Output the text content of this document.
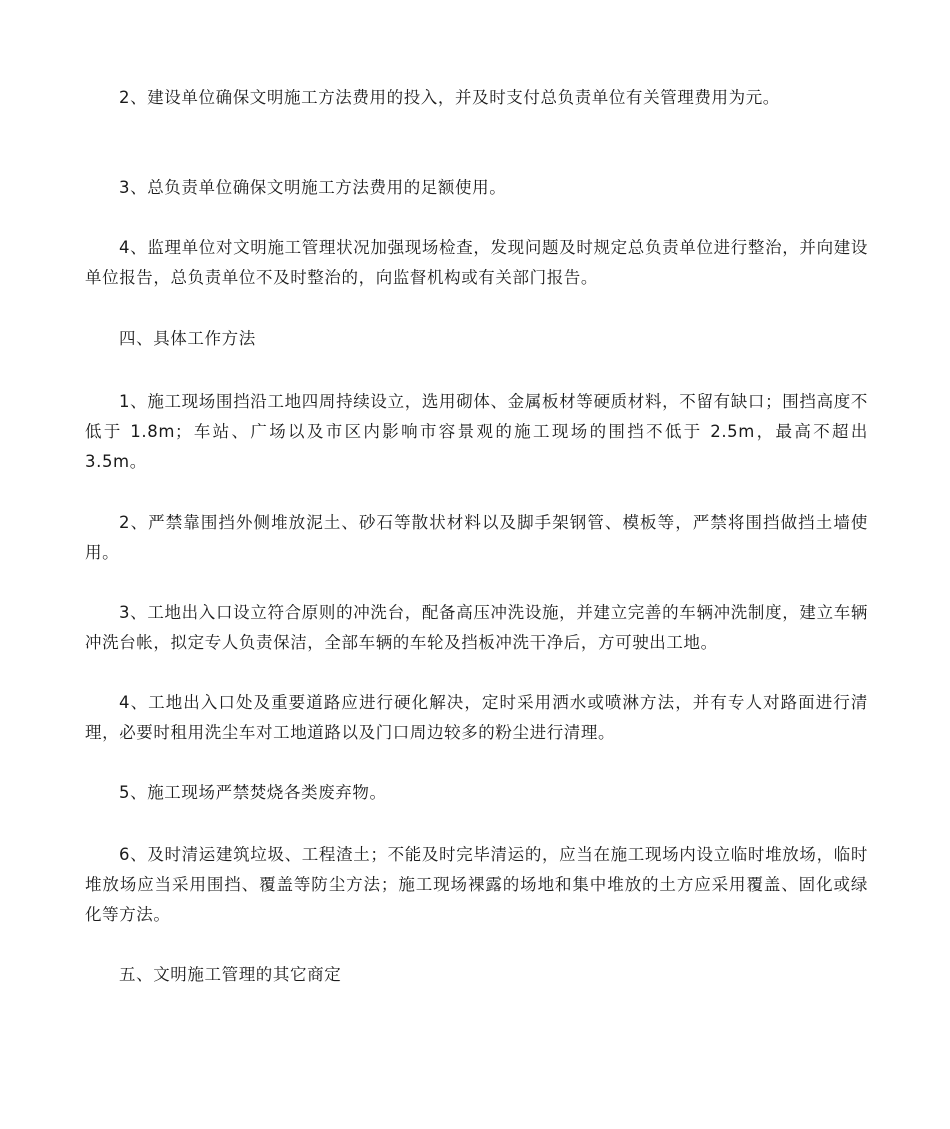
2、建设单位确保文明施工方法费用的投入，并及时支付总负责单位有关管理费用为元。

3、总负责单位确保文明施工方法费用的足额使用。

4、监理单位对文明施工管理状况加强现场检查，发现问题及时规定总负责单位进行整治，并向建设单位报告，总负责单位不及时整治的，向监督机构或有关部门报告。

四、具体工作方法

1、施工现场围挡沿工地四周持续设立，选用砌体、金属板材等硬质材料，不留有缺口；围挡高度不低于 1.8m；车站、广场以及市区内影响市容景观的施工现场的围挡不低于 2.5m，最高不超出 3.5m。

2、严禁靠围挡外侧堆放泥土、砂石等散状材料以及脚手架钢管、模板等，严禁将围挡做挡土墙使用。

3、工地出入口设立符合原则的冲洗台，配备高压冲洗设施，并建立完善的车辆冲洗制度，建立车辆冲洗台帐，拟定专人负责保洁，全部车辆的车轮及挡板冲洗干净后，方可驶出工地。

4、工地出入口处及重要道路应进行硬化解决，定时采用洒水或喷淋方法，并有专人对路面进行清理，必要时租用洗尘车对工地道路以及门口周边较多的粉尘进行清理。

5、施工现场严禁焚烧各类废弃物。

6、及时清运建筑垃圾、工程渣土；不能及时完毕清运的，应当在施工现场内设立临时堆放场，临时堆放场应当采用围挡、覆盖等防尘方法；施工现场裸露的场地和集中堆放的土方应采用覆盖、固化或绿化等方法。

五、文明施工管理的其它商定
